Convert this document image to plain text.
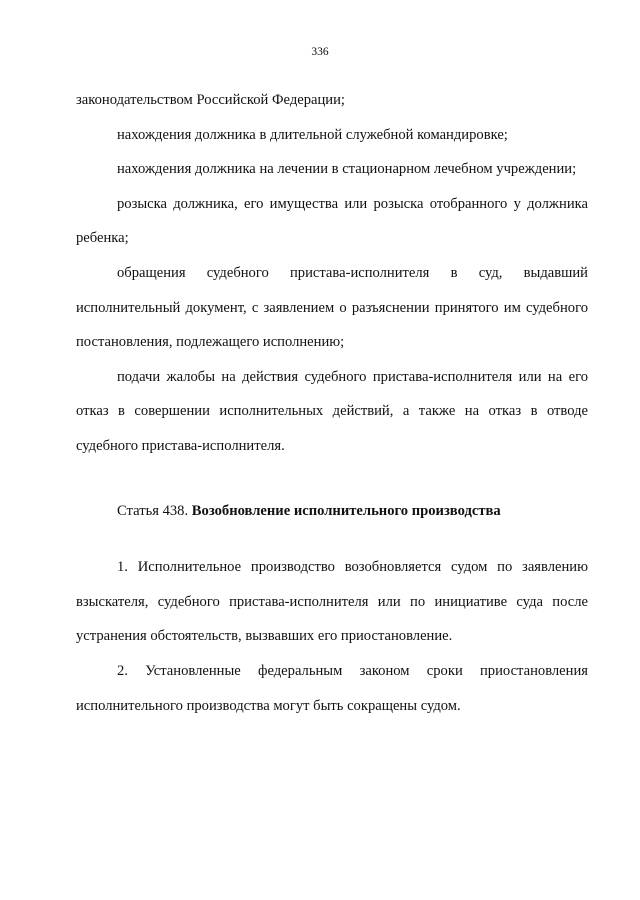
336

законодательством Российской Федерации;

нахождения должника в длительной служебной командировке;

нахождения должника на лечении в стационарном лечебном учреждении;

розыска должника, его имущества или розыска отобранного у должника ребенка;

обращения судебного пристава-исполнителя в суд, выдавший исполнительный документ, с заявлением о разъяснении принятого им судебного постановления, подлежащего исполнению;

подачи жалобы на действия судебного пристава-исполнителя или на его отказ в совершении исполнительных действий, а также на отказ в отводе судебного пристава-исполнителя.

Статья 438. Возобновление исполнительного производства

1. Исполнительное производство возобновляется судом по заявлению взыскателя, судебного пристава-исполнителя или по инициативе суда после устранения обстоятельств, вызвавших его приостановление.

2. Установленные федеральным законом сроки приостановления исполнительного производства могут быть сокращены судом.
